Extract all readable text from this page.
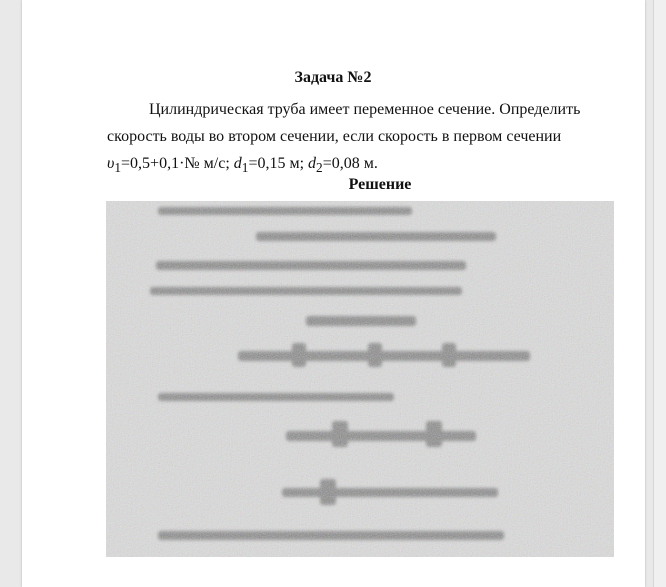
Задача №2
Цилиндрическая труба имеет переменное сечение. Определить
скорость воды во втором сечении, если скорость в первом сечении
$\upsilon_1=0,5+0,1\cdot№$ м/с; $d_1=0,15$ м; $d_2=0,08$ м.
Решение
